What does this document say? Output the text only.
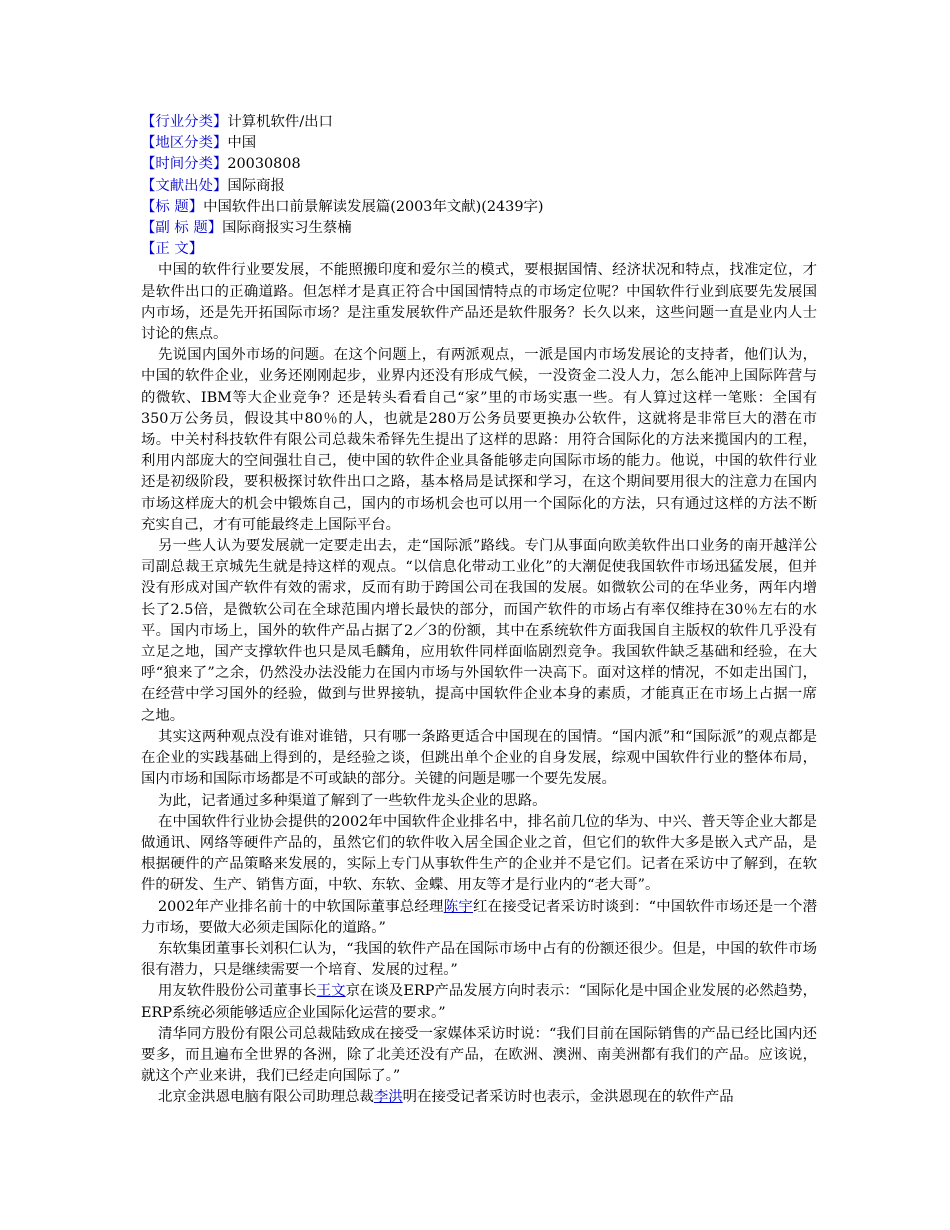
【行业分类】计算机软件/出口
【地区分类】中国
【时间分类】20030808
【文献出处】国际商报
【标 题】中国软件出口前景解读发展篇(2003年文献)(2439字)
【副 标 题】国际商报实习生蔡楠
【正 文】

中国的软件行业要发展，不能照搬印度和爱尔兰的模式，要根据国情、经济状况和特点，找准定位，才是软件出口的正确道路。但怎样才是真正符合中国国情特点的市场定位呢？中国软件行业到底要先发展国内市场，还是先开拓国际市场？是注重发展软件产品还是软件服务？长久以来，这些问题一直是业内人士讨论的焦点。

先说国内国外市场的问题。在这个问题上，有两派观点，一派是国内市场发展论的支持者，他们认为，中国的软件企业，业务还刚刚起步，业界内还没有形成气候，一没资金二没人力，怎么能冲上国际阵营与的微软、IBM等大企业竞争？还是转头看看自己“家”里的市场实惠一些。有人算过这样一笔账：全国有350万公务员，假设其中80％的人，也就是280万公务员要更换办公软件，这就将是非常巨大的潜在市场。中关村科技软件有限公司总裁朱希铎先生提出了这样的思路：用符合国际化的方法来揽国内的工程，利用内部庞大的空间强壮自己，使中国的软件企业具备能够走向国际市场的能力。他说，中国的软件行业还是初级阶段，要积极探讨软件出口之路，基本格局是试探和学习，在这个期间要用很大的注意力在国内市场这样庞大的机会中锻炼自己，国内的市场机会也可以用一个国际化的方法，只有通过这样的方法不断充实自己，才有可能最终走上国际平台。

另一些人认为要发展就一定要走出去，走“国际派”路线。专门从事面向欧美软件出口业务的南开越洋公司副总裁王京城先生就是持这样的观点。“以信息化带动工业化”的大潮促使我国软件市场迅猛发展，但并没有形成对国产软件有效的需求，反而有助于跨国公司在我国的发展。如微软公司的在华业务，两年内增长了2.5倍，是微软公司在全球范围内增长最快的部分，而国产软件的市场占有率仅维持在30％左右的水平。国内市场上，国外的软件产品占据了2／3的份额，其中在系统软件方面我国自主版权的软件几乎没有立足之地，国产支撑软件也只是凤毛麟角，应用软件同样面临剧烈竞争。我国软件缺乏基础和经验，在大呼“狼来了”之余，仍然没办法没能力在国内市场与外国软件一决高下。面对这样的情况，不如走出国门，在经营中学习国外的经验，做到与世界接轨，提高中国软件企业本身的素质，才能真正在市场上占据一席之地。

其实这两种观点没有谁对谁错，只有哪一条路更适合中国现在的国情。“国内派”和“国际派”的观点都是在企业的实践基础上得到的，是经验之谈，但跳出单个企业的自身发展，综观中国软件行业的整体布局，国内市场和国际市场都是不可或缺的部分。关键的问题是哪一个要先发展。

为此，记者通过多种渠道了解到了一些软件龙头企业的思路。

在中国软件行业协会提供的2002年中国软件企业排名中，排名前几位的华为、中兴、普天等企业大都是做通讯、网络等硬件产品的，虽然它们的软件收入居全国企业之首，但它们的软件大多是嵌入式产品，是根据硬件的产品策略来发展的，实际上专门从事软件生产的企业并不是它们。记者在采访中了解到，在软件的研发、生产、销售方面，中软、东软、金蝶、用友等才是行业内的“老大哥”。

2002年产业排名前十的中软国际董事总经理陈宇红在接受记者采访时谈到：“中国软件市场还是一个潜力市场，要做大必须走国际化的道路。”

东软集团董事长刘积仁认为，“我国的软件产品在国际市场中占有的份额还很少。但是，中国的软件市场很有潜力，只是继续需要一个培育、发展的过程。”

用友软件股份公司董事长王文京在谈及ERP产品发展方向时表示：“国际化是中国企业发展的必然趋势，ERP系统必须能够适应企业国际化运营的要求。”

清华同方股份有限公司总裁陆致成在接受一家媒体采访时说：“我们目前在国际销售的产品已经比国内还要多，而且遍布全世界的各洲，除了北美还没有产品，在欧洲、澳洲、南美洲都有我们的产品。应该说，就这个产业来讲，我们已经走向国际了。”

北京金洪恩电脑有限公司助理总裁李洪明在接受记者采访时也表示，金洪恩现在的软件产品
